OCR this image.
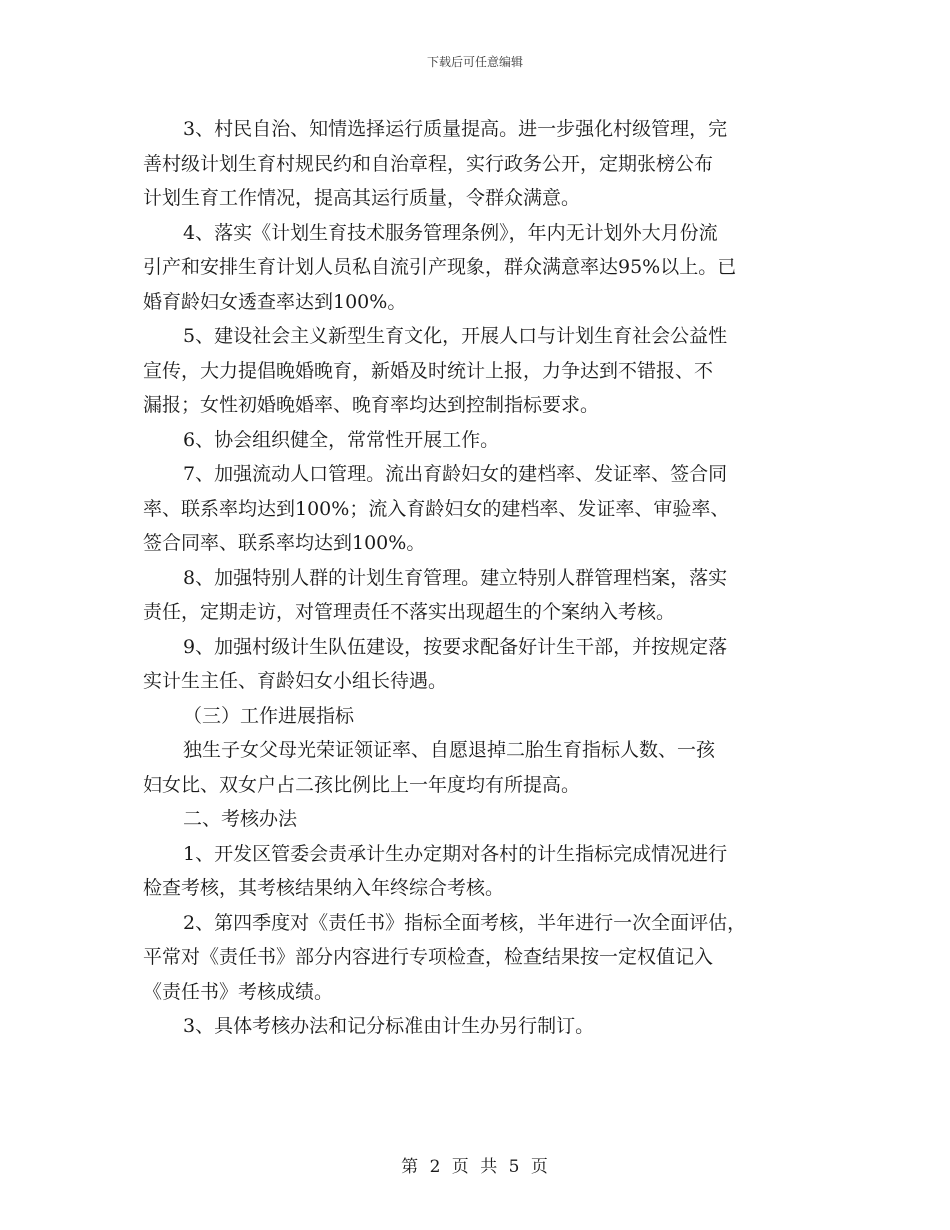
下载后可任意编辑
3、村民自治、知情选择运行质量提高。进一步强化村级管理，完
善村级计划生育村规民约和自治章程，实行政务公开，定期张榜公布
计划生育工作情况，提高其运行质量，令群众满意。
4、落实《计划生育技术服务管理条例》，年内无计划外大月份流
引产和安排生育计划人员私自流引产现象，群众满意率达95%以上。已
婚育龄妇女透查率达到100%。
5、建设社会主义新型生育文化，开展人口与计划生育社会公益性
宣传，大力提倡晚婚晚育，新婚及时统计上报，力争达到不错报、不
漏报；女性初婚晚婚率、晚育率均达到控制指标要求。
6、协会组织健全，常常性开展工作。
7、加强流动人口管理。流出育龄妇女的建档率、发证率、签合同
率、联系率均达到100%；流入育龄妇女的建档率、发证率、审验率、
签合同率、联系率均达到100%。
8、加强特别人群的计划生育管理。建立特别人群管理档案，落实
责任，定期走访，对管理责任不落实出现超生的个案纳入考核。
9、加强村级计生队伍建设，按要求配备好计生干部，并按规定落
实计生主任、育龄妇女小组长待遇。
（三）工作进展指标
独生子女父母光荣证领证率、自愿退掉二胎生育指标人数、一孩
妇女比、双女户占二孩比例比上一年度均有所提高。
二、考核办法
1、开发区管委会责承计生办定期对各村的计生指标完成情况进行
检查考核，其考核结果纳入年终综合考核。
2、第四季度对《责任书》指标全面考核，半年进行一次全面评估，
平常对《责任书》部分内容进行专项检查，检查结果按一定权值记入
《责任书》考核成绩。
3、具体考核办法和记分标准由计生办另行制订。
第 2 页 共 5 页
